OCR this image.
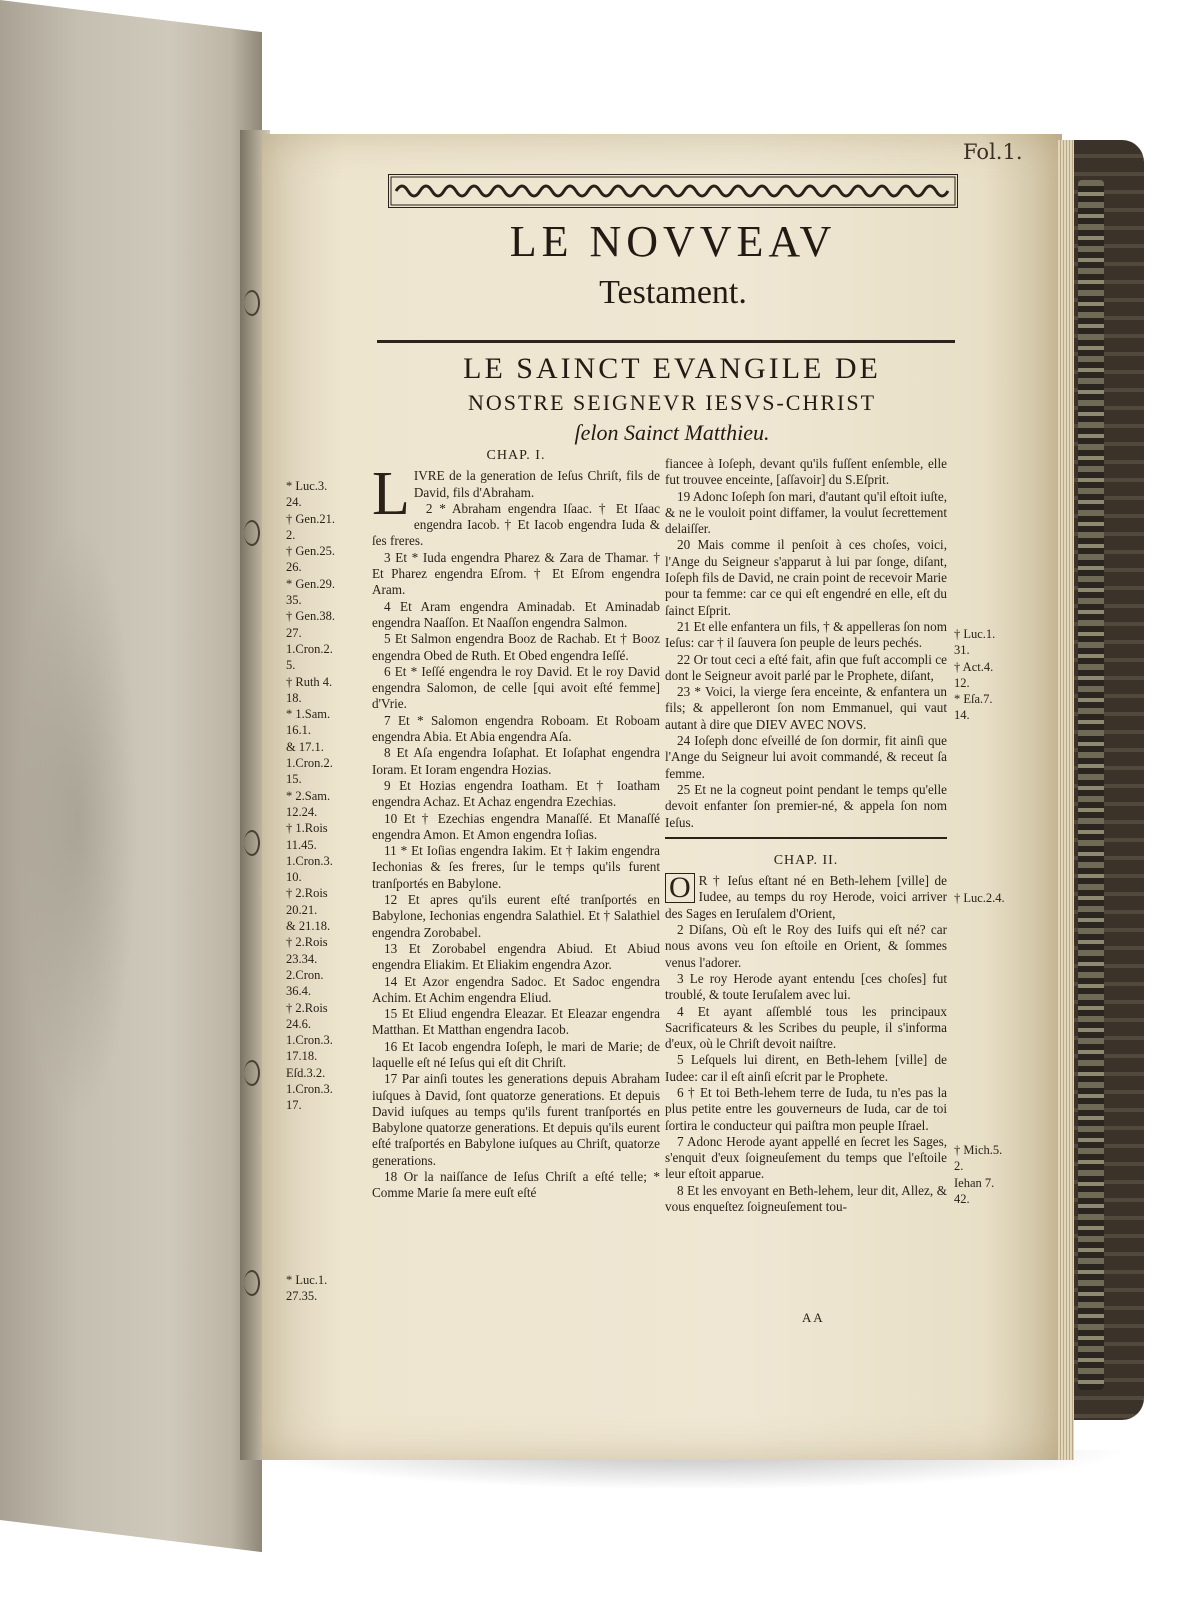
Fol.1.
LE NOVVEAV
Testament.
LE SAINCT EVANGILE DE
NOSTRE SEIGNEVR IESVS-CHRIST
ſelon Sainct Matthieu.
* Luc.3.
24.
† Gen.21.
2.
† Gen.25.
26.
* Gen.29.
35.
† Gen.38.
27.
1.Cron.2.
5.
† Ruth 4.
18.
* 1.Sam.
16.1.
& 17.1.
1.Cron.2.
15.
* 2.Sam.
12.24.
† 1.Rois
11.45.
1.Cron.3.
10.
† 2.Rois
20.21.
& 21.18.
† 2.Rois
23.34.
2.Cron.
36.4.
† 2.Rois
24.6.
1.Cron.3.
17.18.
Eſd.3.2.
1.Cron.3.
17.
* Luc.1.
27.35.
CHAP. I.
L IVRE de la generation de Ieſus Chriſt, fils de David, fils d'Abraham.

2 * Abraham engendra Iſaac. † Et Iſaac engendra Iacob. † Et Iacob engendra Iuda & ſes freres.

3 Et * Iuda engendra Pharez & Zara de Thamar. † Et Pharez engendra Eſrom. † Et Eſrom engendra Aram.

4 Et Aram engendra Aminadab. Et Aminadab engendra Naaſſon. Et Naaſſon engendra Salmon.

5 Et Salmon engendra Booz de Rachab. Et † Booz engendra Obed de Ruth. Et Obed engendra Ieſſé.

6 Et * Ieſſé engendra le roy David. Et le roy David engendra Salomon, de celle [qui avoit eſté femme] d'Vrie.

7 Et * Salomon engendra Roboam. Et Roboam engendra Abia. Et Abia engendra Aſa.

8 Et Aſa engendra Ioſaphat. Et Ioſaphat engendra Ioram. Et Ioram engendra Hozias.

9 Et Hozias engendra Ioatham. Et † Ioatham engendra Achaz. Et Achaz engendra Ezechias.

10 Et † Ezechias engendra Manaſſé. Et Manaſſé engendra Amon. Et Amon engendra Ioſias.

11 * Et Ioſias engendra Iakim. Et † Iakim engendra Iechonias & ſes freres, ſur le temps qu'ils furent tranſportés en Babylone.

12 Et apres qu'ils eurent eſté tranſportés en Babylone, Iechonias engendra Salathiel. Et † Salathiel engendra Zorobabel.

13 Et Zorobabel engendra Abiud. Et Abiud engendra Eliakim. Et Eliakim engendra Azor.

14 Et Azor engendra Sadoc. Et Sadoc engendra Achim. Et Achim engendra Eliud.

15 Et Eliud engendra Eleazar. Et Eleazar engendra Matthan. Et Matthan engendra Iacob.

16 Et Iacob engendra Ioſeph, le mari de Marie; de laquelle eſt né Ieſus qui eſt dit Chriſt.

17 Par ainſi toutes les generations depuis Abraham iuſques à David, ſont quatorze generations. Et depuis David iuſques au temps qu'ils furent tranſportés en Babylone quatorze generations. Et depuis qu'ils eurent eſté traſportés en Babylone iuſques au Chriſt, quatorze generations.

18 Or la naiſſance de Ieſus Chriſt a eſté telle; * Comme Marie ſa mere euſt eſté

fiancee à Ioſeph, devant qu'ils fuſſent enſemble, elle fut trouvee enceinte, [aſſavoir] du S.Eſprit.

19 Adonc Ioſeph ſon mari, d'autant qu'il eſtoit iuſte, & ne le vouloit point diffamer, la voulut ſecrettement delaiſſer.

20 Mais comme il penſoit à ces choſes, voici, l'Ange du Seigneur s'apparut à lui par ſonge, diſant, Ioſeph fils de David, ne crain point de recevoir Marie pour ta femme: car ce qui eſt engendré en elle, eſt du ſainct Eſprit.

21 Et elle enfantera un fils, † & appelleras ſon nom Ieſus: car † il ſauvera ſon peuple de leurs pechés.

22 Or tout ceci a eſté fait, afin que fuſt accompli ce dont le Seigneur avoit parlé par le Prophete, diſant,

23 * Voici, la vierge ſera enceinte, & enfantera un fils; & appelleront ſon nom Emmanuel, qui vaut autant à dire que DIEV AVEC NOVS.

24 Ioſeph donc eſveillé de ſon dormir, fit ainſi que l'Ange du Seigneur lui avoit commandé, & receut ſa femme.

25 Et ne la cogneut point pendant le temps qu'elle devoit enfanter ſon premier-né, & appela ſon nom Ieſus.

CHAP. II.
O R † Ieſus eſtant né en Beth-lehem [ville] de Iudee, au temps du roy Herode, voici arriver des Sages en Ieruſalem d'Orient,

2 Diſans, Où eſt le Roy des Iuifs qui eſt né? car nous avons veu ſon eſtoile en Orient, & ſommes venus l'adorer.

3 Le roy Herode ayant entendu [ces choſes] fut troublé, & toute Ieruſalem avec lui.

4 Et ayant aſſemblé tous les principaux Sacrificateurs & les Scribes du peuple, il s'informa d'eux, où le Chriſt devoit naiſtre.

5 Leſquels lui dirent, en Beth-lehem [ville] de Iudee: car il eſt ainſi eſcrit par le Prophete.

6 † Et toi Beth-lehem terre de Iuda, tu n'es pas la plus petite entre les gouverneurs de Iuda, car de toi ſortira le conducteur qui paiſtra mon peuple Iſrael.

7 Adonc Herode ayant appellé en ſecret les Sages, s'enquit d'eux ſoigneuſement du temps que l'eſtoile leur eſtoit apparue.

8 Et les envoyant en Beth-lehem, leur dit, Allez, & vous enqueſtez ſoigneuſement tou-

† Luc.1.
31.
† Act.4.
12.
* Eſa.7.
14.
† Luc.2.4.
† Mich.5.
2.
Iehan 7.
42.
A A
